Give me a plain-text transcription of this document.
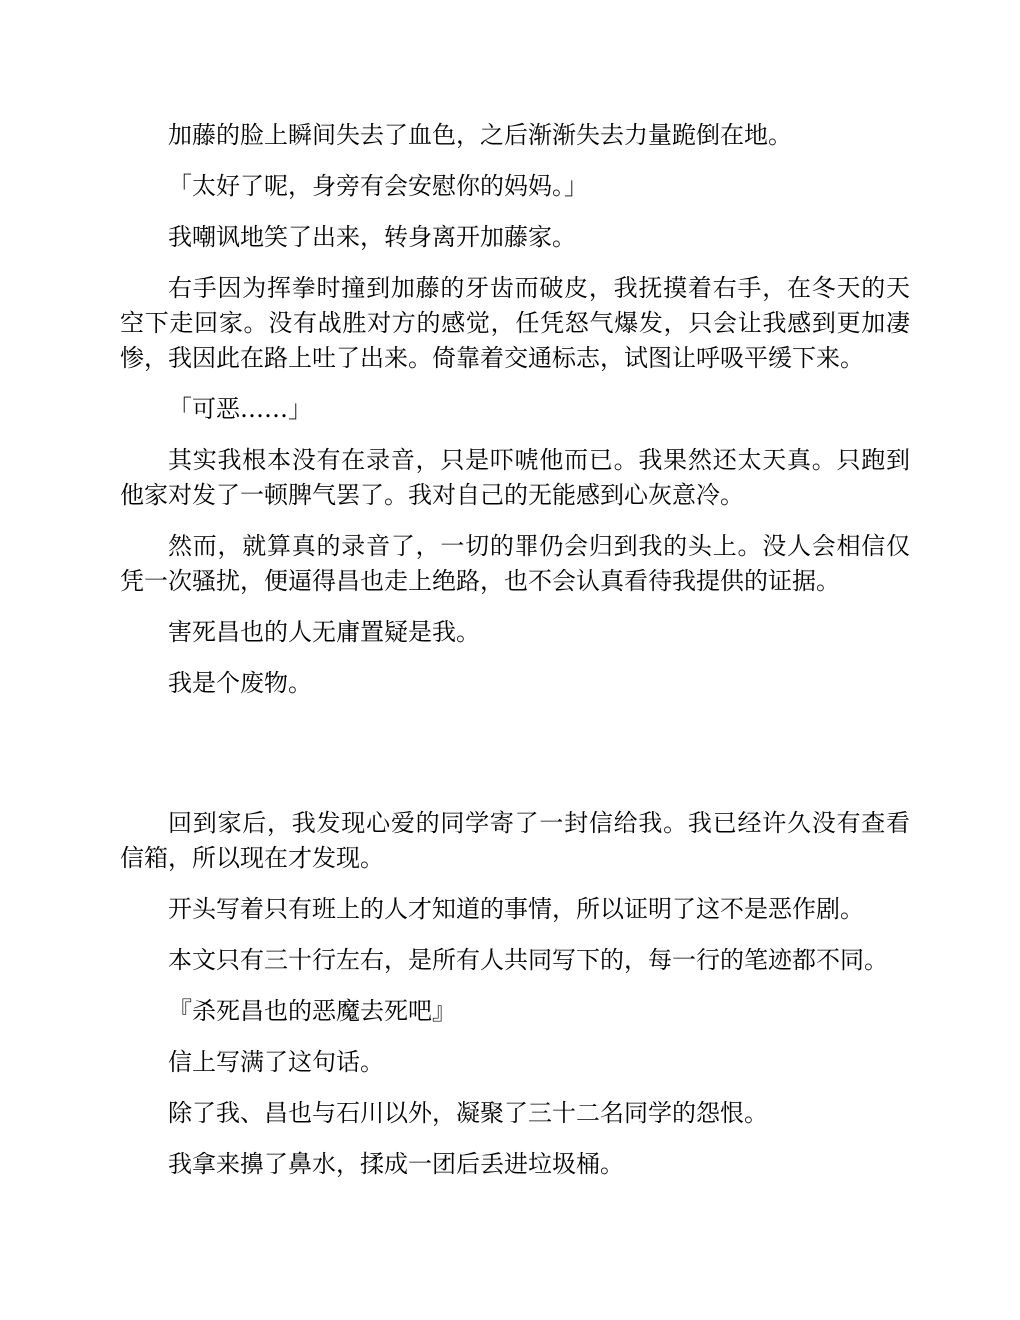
加藤的脸上瞬间失去了血色，之后渐渐失去力量跪倒在地。

「太好了呢，身旁有会安慰你的妈妈。」

我嘲讽地笑了出来，转身离开加藤家。

右手因为挥拳时撞到加藤的牙齿而破皮，我抚摸着右手，在冬天的天空下走回家。没有战胜对方的感觉，任凭怒气爆发，只会让我感到更加凄惨，我因此在路上吐了出来。倚靠着交通标志，试图让呼吸平缓下来。

「可恶……」

其实我根本没有在录音，只是吓唬他而已。我果然还太天真。只跑到他家对发了一顿脾气罢了。我对自己的无能感到心灰意冷。

然而，就算真的录音了，一切的罪仍会归到我的头上。没人会相信仅凭一次骚扰，便逼得昌也走上绝路，也不会认真看待我提供的证据。

害死昌也的人无庸置疑是我。

我是个废物。

回到家后，我发现心爱的同学寄了一封信给我。我已经许久没有查看信箱，所以现在才发现。

开头写着只有班上的人才知道的事情，所以证明了这不是恶作剧。

本文只有三十行左右，是所有人共同写下的，每一行的笔迹都不同。

『杀死昌也的恶魔去死吧』

信上写满了这句话。

除了我、昌也与石川以外，凝聚了三十二名同学的怨恨。

我拿来擤了鼻水，揉成一团后丢进垃圾桶。
